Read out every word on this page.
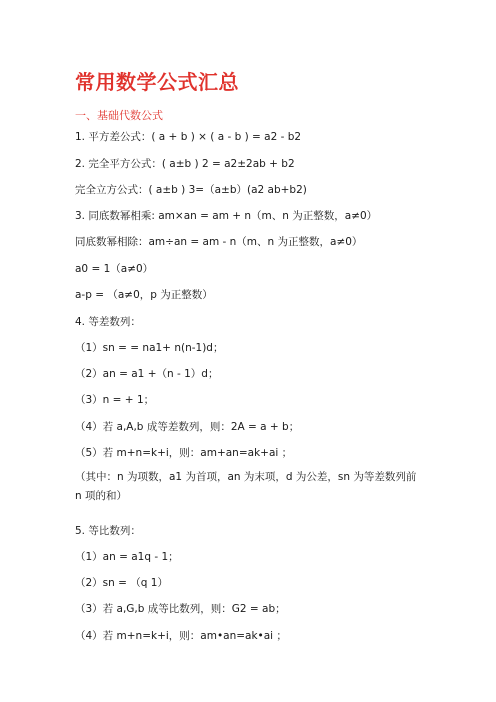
常用数学公式汇总
一、基础代数公式
1. 平方差公式：( a + b ) × ( a - b ) = a2 - b2
2. 完全平方公式：( a±b ) 2 = a2±2ab + b2
完全立方公式：( a±b ) 3=（a±b）(a2 ab+b2)
3. 同底数幂相乘: am×an = am + n（m、n 为正整数，a≠0）
同底数幂相除：am÷an = am - n（m、n 为正整数，a≠0）
a0 = 1（a≠0）
a-p = （a≠0，p 为正整数）
4. 等差数列：
（1）sn = = na1+ n(n-1)d；
（2）an = a1 +（n - 1）d；
（3）n = + 1；
（4）若 a,A,b 成等差数列，则：2A = a + b；
（5）若 m+n=k+i，则：am+an=ak+ai ；
（其中：n 为项数，a1 为首项，an 为末项，d 为公差，sn 为等差数列前 n 项的和）
5. 等比数列：
（1）an = a1q - 1；
（2）sn = （q 1）
（3）若 a,G,b 成等比数列，则：G2 = ab；
（4）若 m+n=k+i，则：am•an=ak•ai ；
